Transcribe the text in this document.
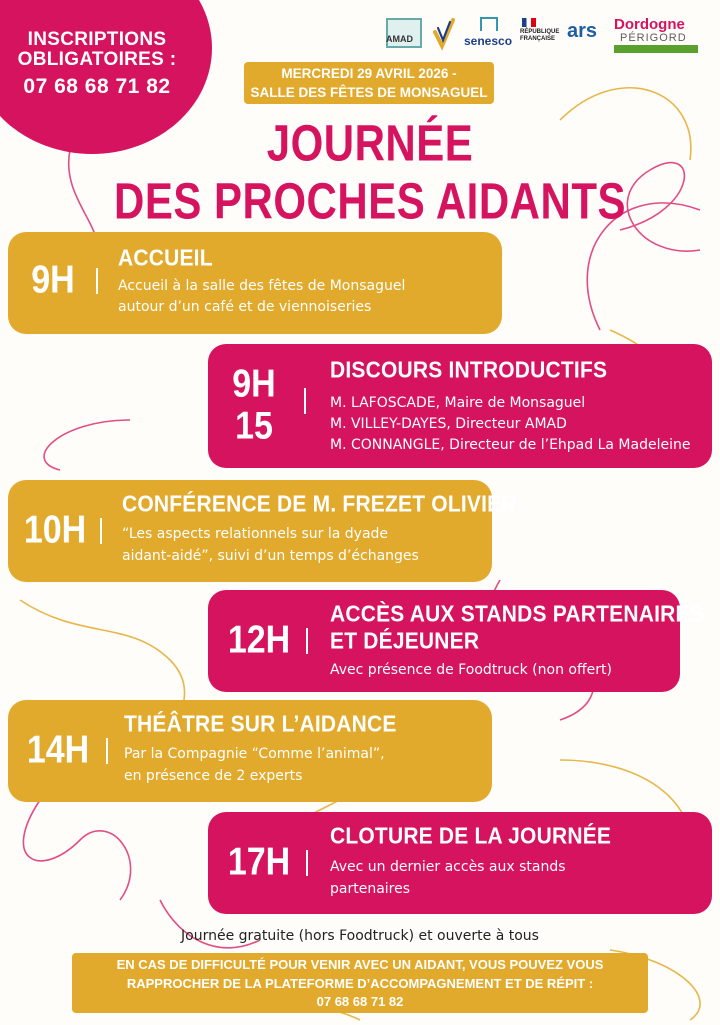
INSCRIPTIONS OBLIGATOIRES :
07 68 68 71 82
AMAD	senesco
RÉPUBLIQUE FRANÇAISE ars Dordogne
PÉRIGORD
MERCREDI 29 AVRIL 2026 -
SALLE DES FÊTES DE MONSAGUEL
JOURNÉE
DES PROCHES AIDANTS
9H
ACCUEIL
Accueil à la salle des fêtes de Monsaguel
autour d’un café et de viennoiseries
9H
15
DISCOURS INTRODUCTIFS
M. LAFOSCADE, Maire de Monsaguel
M. VILLEY-DAYES, Directeur AMAD
M. CONNANGLE, Directeur de l’Ehpad La Madeleine
10H
CONFÉRENCE DE M. FREZET OLIVIER
“Les aspects relationnels sur la dyade
aidant-aidé”, suivi d’un temps d’échanges
12H
ACCÈS AUX STANDS PARTENAIRES
ET DÉJEUNER
Avec présence de Foodtruck (non offert)
14H
THÉÂTRE SUR L’AIDANCE
Par la Compagnie “Comme l’animal”,
en présence de 2 experts
17H
CLOTURE DE LA JOURNÉE
Avec un dernier accès aux stands
partenaires
Journée gratuite (hors Foodtruck) et ouverte à tous
EN CAS DE DIFFICULTÉ POUR VENIR AVEC UN AIDANT, VOUS POUVEZ VOUS
RAPPROCHER DE LA PLATEFORME D’ACCOMPAGNEMENT ET DE RÉPIT :
07 68 68 71 82
